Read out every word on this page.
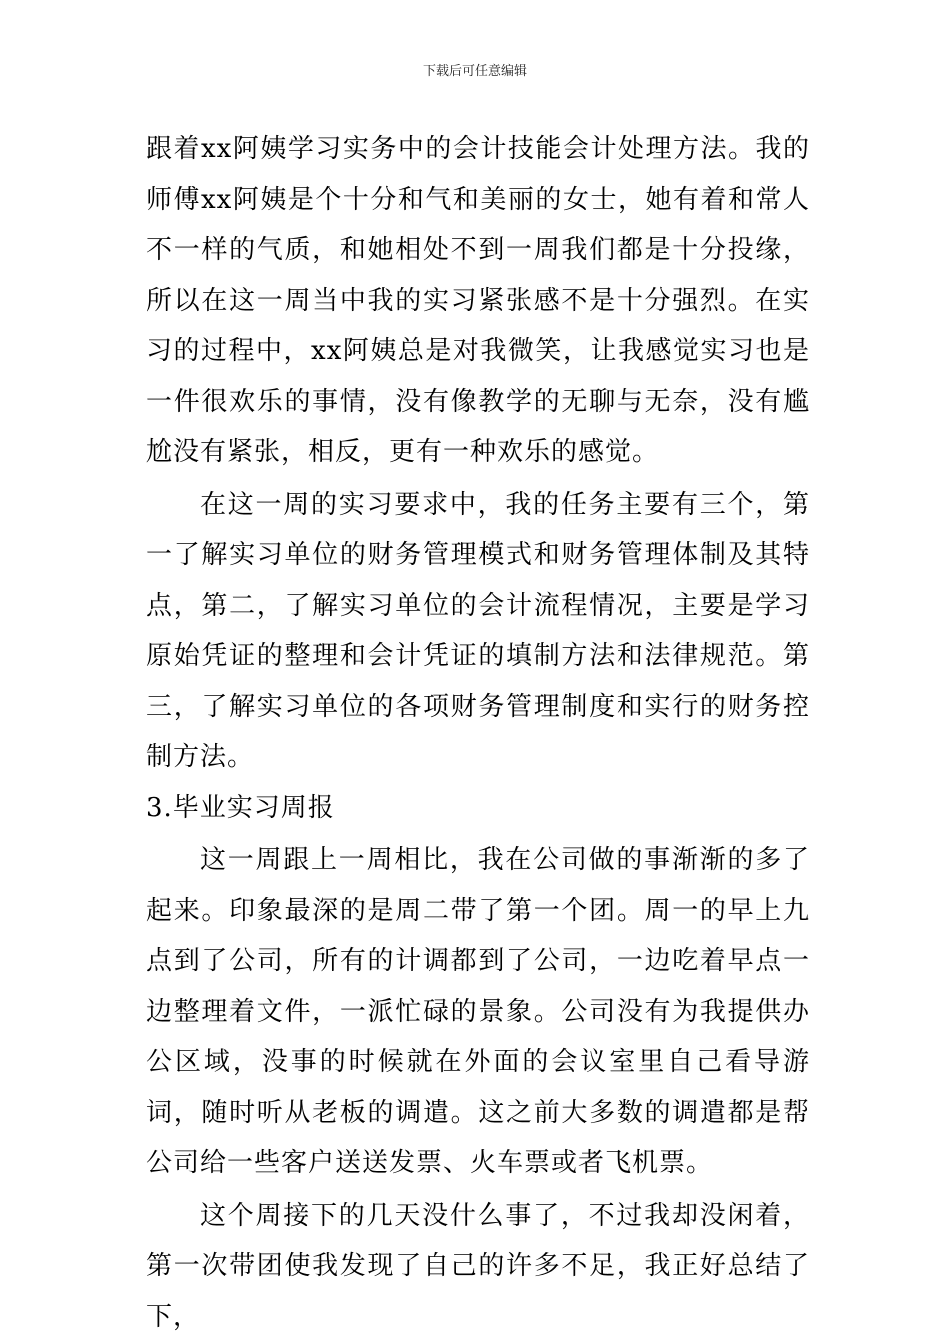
下载后可任意编辑

跟着xx阿姨学习实务中的会计技能会计处理方法。我的师傅xx阿姨是个十分和气和美丽的女士，她有着和常人不一样的气质，和她相处不到一周我们都是十分投缘，所以在这一周当中我的实习紧张感不是十分强烈。在实习的过程中，xx阿姨总是对我微笑，让我感觉实习也是一件很欢乐的事情，没有像教学的无聊与无奈，没有尴尬没有紧张，相反，更有一种欢乐的感觉。

在这一周的实习要求中，我的任务主要有三个，第一了解实习单位的财务管理模式和财务管理体制及其特点，第二，了解实习单位的会计流程情况，主要是学习原始凭证的整理和会计凭证的填制方法和法律规范。第三，了解实习单位的各项财务管理制度和实行的财务控制方法。

3.毕业实习周报

这一周跟上一周相比，我在公司做的事渐渐的多了起来。印象最深的是周二带了第一个团。周一的早上九点到了公司，所有的计调都到了公司，一边吃着早点一边整理着文件，一派忙碌的景象。公司没有为我提供办公区域，没事的时候就在外面的会议室里自己看导游词，随时听从老板的调遣。这之前大多数的调遣都是帮公司给一些客户送送发票、火车票或者飞机票。

这个周接下的几天没什么事了，不过我却没闲着，第一次带团使我发现了自己的许多不足，我正好总结了下，
